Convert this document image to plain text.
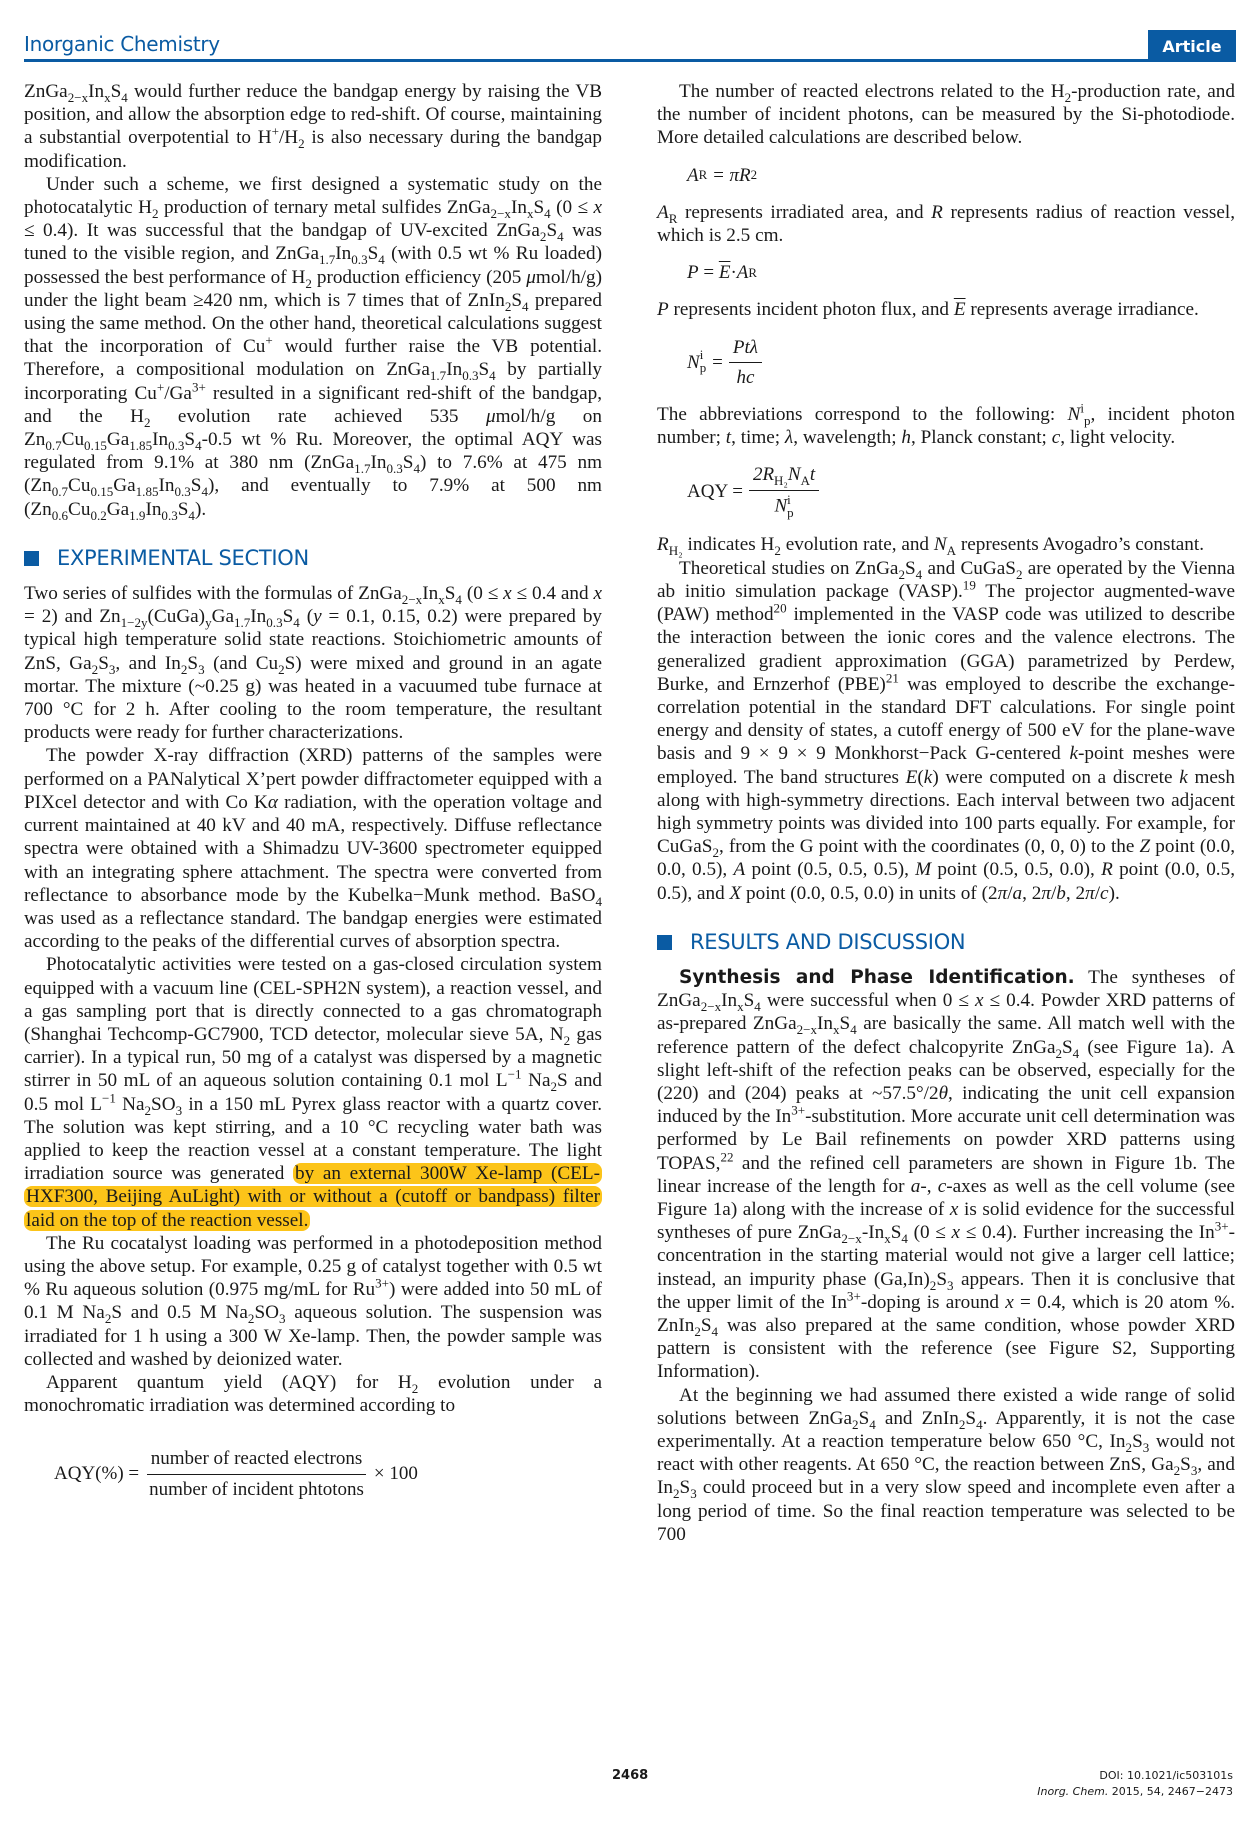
Inorganic Chemistry	Article

$ZnGa_{2-x}In_xS_4$ would further reduce the bandgap energy by raising the VB position, and allow the absorption edge to red-shift. Of course, maintaining a substantial overpotential to $H^+/H_2$ is also necessary during the bandgap modification.

Under such a scheme, we first designed a systematic study on the photocatalytic $H_2$ production of ternary metal sulfides $ZnGa_{2-x}In_xS_4$ (0 ≤ x ≤ 0.4). It was successful that the bandgap of UV-excited $ZnGa_2S_4$ was tuned to the visible region, and $ZnGa_{1.7}In_{0.3}S_4$ (with 0.5 wt % Ru loaded) possessed the best performance of $H_2$ production efficiency (205 μmol/h/g) under the light beam ≥420 nm, which is 7 times that of $ZnIn_2S_4$ prepared using the same method. On the other hand, theoretical calculations suggest that the incorporation of Cu+ would further raise the VB potential. Therefore, a compositional modulation on $ZnGa_{1.7}In_{0.3}S_4$ by partially incorporating $Cu^+/Ga^{3+}$ resulted in a significant red-shift of the bandgap, and the $H_2$ evolution rate achieved 535 μmol/h/g on $Zn_{0.7}Cu_{0.15}Ga_{1.85}In_{0.3}S_4-0.5$ wt % Ru. Moreover, the optimal AQY was regulated from 9.1% at 380 nm $(ZnGa_{1.7}In_{0.3}S_4)$ to 7.6% at 475 nm $(Zn_{0.7}Cu_{0.15}Ga_{1.85}In_{0.3}S_4)$, and eventually to 7.9% at 500 nm $(Zn_{0.6}Cu_{0.2}Ga_{1.9}In_{0.3}S_4)$.

EXPERIMENTAL SECTION

Two series of sulfides with the formulas of $ZnGa_{2-x}In_xS_4$ (0 ≤ x ≤ 0.4 and x = 2) and $Zn_{1-2y}(CuGa)_yGa_{1.7}In_{0.3}S_4$ (y = 0.1, 0.15, 0.2) were prepared by typical high temperature solid state reactions. Stoichiometric amounts of ZnS, $Ga_2S_3$, and $In_2S_3$ (and $Cu_2S$) were mixed and ground in an agate mortar. The mixture (~0.25 g) was heated in a vacuumed tube furnace at 700 °C for 2 h. After cooling to the room temperature, the resultant products were ready for further characterizations.

The powder X-ray diffraction (XRD) patterns of the samples were performed on a PANalytical X’pert powder diffractometer equipped with a PIXcel detector and with Co Kα radiation, with the operation voltage and current maintained at 40 kV and 40 mA, respectively. Diffuse reflectance spectra were obtained with a Shimadzu UV-3600 spectrometer equipped with an integrating sphere attachment. The spectra were converted from reflectance to absorbance mode by the Kubelka−Munk method. BaSO$_4$ was used as a reflectance standard. The bandgap energies were estimated according to the peaks of the differential curves of absorption spectra.

Photocatalytic activities were tested on a gas-closed circulation system equipped with a vacuum line (CEL-SPH2N system), a reaction vessel, and a gas sampling port that is directly connected to a gas chromatograph (Shanghai Techcomp-GC7900, TCD detector, molecular sieve 5A, $N_2$ gas carrier). In a typical run, 50 mg of a catalyst was dispersed by a magnetic stirrer in 50 mL of an aqueous solution containing 0.1 mol $L^{-1}$ $Na_2S$ and 0.5 mol $L^{-1}$ $Na_2SO_3$ in a 150 mL Pyrex glass reactor with a quartz cover. The solution was kept stirring, and a 10 °C recycling water bath was applied to keep the reaction vessel at a constant temperature. The light irradiation source was generated by an external 300W Xe-lamp (CEL-HXF300, Beijing AuLight) with or without a (cutoff or bandpass) filter laid on the top of the reaction vessel.

The Ru cocatalyst loading was performed in a photodeposition method using the above setup. For example, 0.25 g of catalyst together with 0.5 wt % Ru aqueous solution (0.975 mg/mL for $Ru^{3+}$) were added into 50 mL of 0.1 M $Na_2S$ and 0.5 M $Na_2SO_3$ aqueous solution. The suspension was irradiated for 1 h using a 300 W Xe-lamp. Then, the powder sample was collected and washed by deionized water.

Apparent quantum yield (AQY) for $H_2$ evolution under a monochromatic irradiation was determined according to

$AQY(\%) = \frac{\text{number of reacted electrons}}{\text{number of incident phtotons}} \times 100$

The number of reacted electrons related to the $H_2$-production rate, and the number of incident photons, can be measured by the Si-photodiode. More detailed calculations are described below.

A R = πR 2

$A_R$ represents irradiated area, and R represents radius of reaction vessel, which is 2.5 cm.

$P = \overline{E} \cdot A$ R

P represents incident photon flux, and $\overline{E}$ represents average irradiance.

N i
$p = \frac{\text{Ptλ}}{hc}$

The abbreviations correspond to the following: $N^i_p$, incident photon number; t, time; λ, wavelength; h, Planck constant; c, light velocity.

AQY = $2R_{H_2}N_At$
N i
p

$R_{H_2}$ indicates $H_2$ evolution rate, and $N_A$ represents Avogadro’s constant.

Theoretical studies on $ZnGa_2S_4$ and CuGaS$_2$ are operated by the Vienna ab initio simulation package (VASP).$^{19}$ The projector augmented-wave (PAW) method$^{20}$ implemented in the VASP code was utilized to describe the interaction between the ionic cores and the valence electrons. The generalized gradient approximation (GGA) parametrized by Perdew, Burke, and Ernzerhof (PBE)$^{21}$ was employed to describe the exchange-correlation potential in the standard DFT calculations. For single point energy and density of states, a cutoff energy of 500 eV for the plane-wave basis and 9 × 9 × 9 Monkhorst−Pack G-centered k-point meshes were employed. The band structures E(k) were computed on a discrete k mesh along with high-symmetry directions. Each interval between two adjacent high symmetry points was divided into 100 parts equally. For example, for CuGaS$_2$, from the G point with the coordinates (0, 0, 0) to the Z point (0.0, 0.0, 0.5), A point (0.5, 0.5, 0.5), M point (0.5, 0.5, 0.0), R point (0.0, 0.5, 0.5), and X point (0.0, 0.5, 0.0) in units of (2π/a, 2π/b, 2π/c).

RESULTS AND DISCUSSION

Synthesis and Phase Identification. The syntheses of $ZnGa_{2-x}In_xS_4$ were successful when 0 ≤ x ≤ 0.4. Powder XRD patterns of as-prepared $ZnGa_{2-x}In_xS_4$ are basically the same. All match well with the reference pattern of the defect chalcopyrite $ZnGa_2S_4$ (see Figure 1a). A slight left-shift of the refection peaks can be observed, especially for the (220) and (204) peaks at ~57.5°/2θ, indicating the unit cell expansion induced by the $In^{3+}$-substitution. More accurate unit cell determination was performed by Le Bail refinements on powder XRD patterns using TOPAS,$^{22}$ and the refined cell parameters are shown in Figure 1b. The linear increase of the length for a-, c-axes as well as the cell volume (see Figure 1a) along with the increase of x is solid evidence for the successful syntheses of pure $ZnGa_{2-x}-In_xS_4$ (0 ≤ x ≤ 0.4). Further increasing the $In^{3+}$-concentration in the starting material would not give a larger cell lattice; instead, an impurity phase $(Ga,In)_2S_3$ appears. Then it is conclusive that the upper limit of the $In^{3+}$-doping is around x = 0.4, which is 20 atom %. $ZnIn_2S_4$ was also prepared at the same condition, whose powder XRD pattern is consistent with the reference (see Figure S2, Supporting Information).

At the beginning we had assumed there existed a wide range of solid solutions between $ZnGa_2S_4$ and $ZnIn_2S_4$. Apparently, it is not the case experimentally. At a reaction temperature below 650 °C, $In_2S_3$ would not react with other reagents. At 650 °C, the reaction between ZnS, $Ga_2S_3$, and $In_2S_3$ could proceed but in a very slow speed and incomplete even after a long period of time. So the final reaction temperature was selected to be 700

2468	DOI: 10.1021/ic503101s
Inorg. Chem. 2015, 54, 2467−2473
